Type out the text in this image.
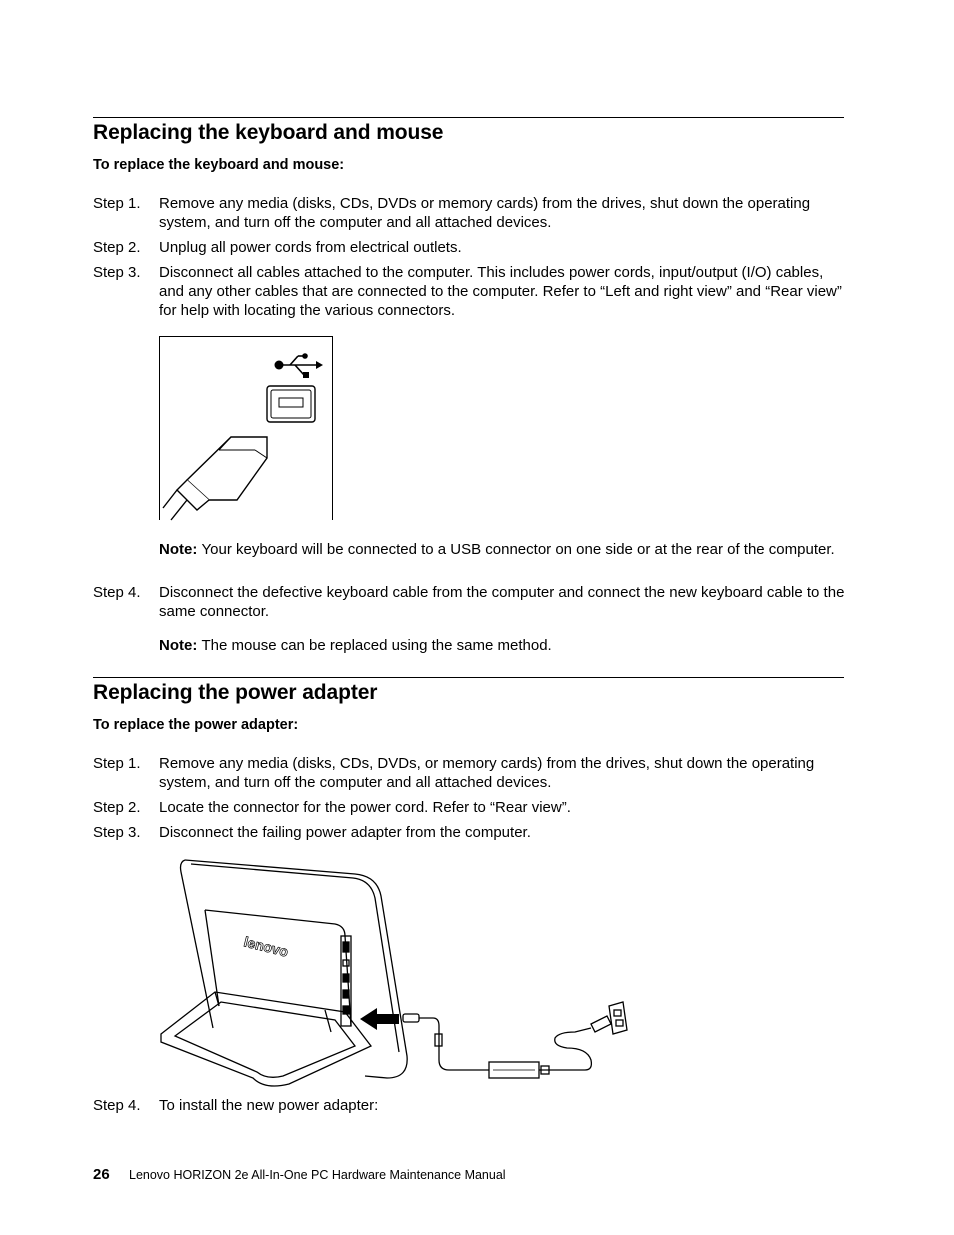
Replacing the keyboard and mouse

To replace the keyboard and mouse:

Step 1.	Remove any media (disks, CDs, DVDs or memory cards) from the drives, shut down the operating system, and turn off the computer and all attached devices.
Step 2.	Unplug all power cords from electrical outlets.
Step 3.	Disconnect all cables attached to the computer. This includes power cords, input/output (I/O) cables, and any other cables that are connected to the computer. Refer to “Left and right view” and “Rear view” for help with locating the various connectors.
Note: Your keyboard will be connected to a USB connector on one side or at the rear of the computer.
Step 4.	Disconnect the defective keyboard cable from the computer and connect the new keyboard cable to the same connector.
Note: The mouse can be replaced using the same method.
Replacing the power adapter

To replace the power adapter:

Step 1.	Remove any media (disks, CDs, DVDs, or memory cards) from the drives, shut down the operating system, and turn off the computer and all attached devices.
Step 2.	Locate the connector for the power cord. Refer to “Rear view”.
Step 3.	Disconnect the failing power adapter from the computer.
lenovo
Step 4.	To install the new power adapter:
26 Lenovo HORIZON 2e All-In-One PC Hardware Maintenance Manual
